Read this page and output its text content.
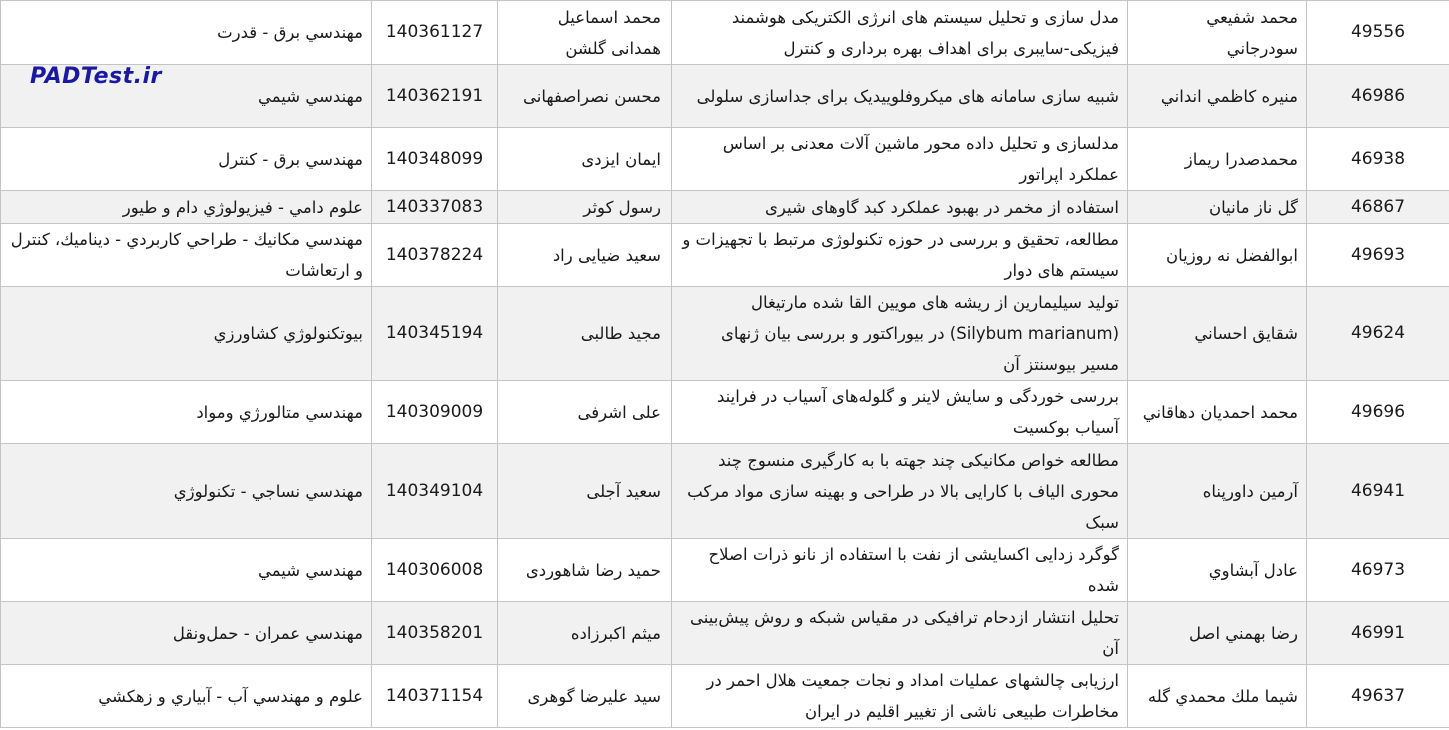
49556	محمد شفيعي سودرجاني	مدل سازی و تحلیل سیستم های انرژی الکتریکی هوشمند فیزیکی-سایبری برای اهداف بهره برداری و کنترل	محمد اسماعیل همدانی گلشن	140361127	مهندسي برق - قدرت
46986	منيره كاظمي انداني	شبیه سازی سامانه های میکروفلوییدیک برای جداسازی سلولی	محسن نصراصفهانی	140362191	مهندسي شيمي
46938	محمدصدرا ريماز	مدلسازی و تحلیل داده محور ماشین آلات معدنی بر اساس عملکرد اپراتور	ایمان ایزدی	140348099	مهندسي برق - كنترل
46867	گل ناز مانيان	استفاده از مخمر در بهبود عملکرد کبد گاوهای شیری	رسول کوثر	140337083	علوم دامي - فيزيولوژي دام و طيور
49693	ابوالفضل نه روزيان	مطالعه، تحقیق و بررسی در حوزه تکنولوژی مرتبط با تجهیزات و سیستم های دوار	سعید ضیایی راد	140378224	مهندسي مكانيك - طراحي كاربردي - ديناميك، كنترل و ارتعاشات
49624	شقايق احساني	تولید سیلیمارین از ریشه های مویین القا شده مارتیغال (Silybum marianum) در بیوراکتور و بررسی بیان ژنهای مسیر بیوسنتز آن	مجید طالبی	140345194	بيوتكنولوژي كشاورزي
49696	محمد احمديان دهاقاني	بررسی خوردگی و سایش لاینر و گلوله‌های آسیاب در فرایند آسیاب بوکسیت	علی اشرفی	140309009	مهندسي متالورژي ومواد
46941	آرمين داورپناه	مطالعه خواص مکانیکی چند جهته با به کارگیری منسوج چند محوری الیاف با کارایی بالا در طراحی و بهینه سازی مواد مرکب سبک	سعید آجلی	140349104	مهندسي نساجي - تكنولوژي
46973	عادل آبشاوي	گوگرد زدایی اکسایشی از نفت با استفاده از نانو ذرات اصلاح شده	حمید رضا شاهوردی	140306008	مهندسي شيمي
46991	رضا بهمني اصل	تحلیل انتشار ازدحام ترافیکی در مقیاس شبکه و روش پیش‌بینی آن	میثم اکبرزاده	140358201	مهندسي عمران - حمل‌ونقل
49637	شيما ملك محمدي گله	ارزیابی چالشهای عملیات امداد و نجات جمعیت هلال احمر در مخاطرات طبیعی ناشی از تغییر اقلیم در ایران	سید علیرضا گوهری	140371154	علوم و مهندسي آب - آبياري و زهكشي
PADTest.ir
